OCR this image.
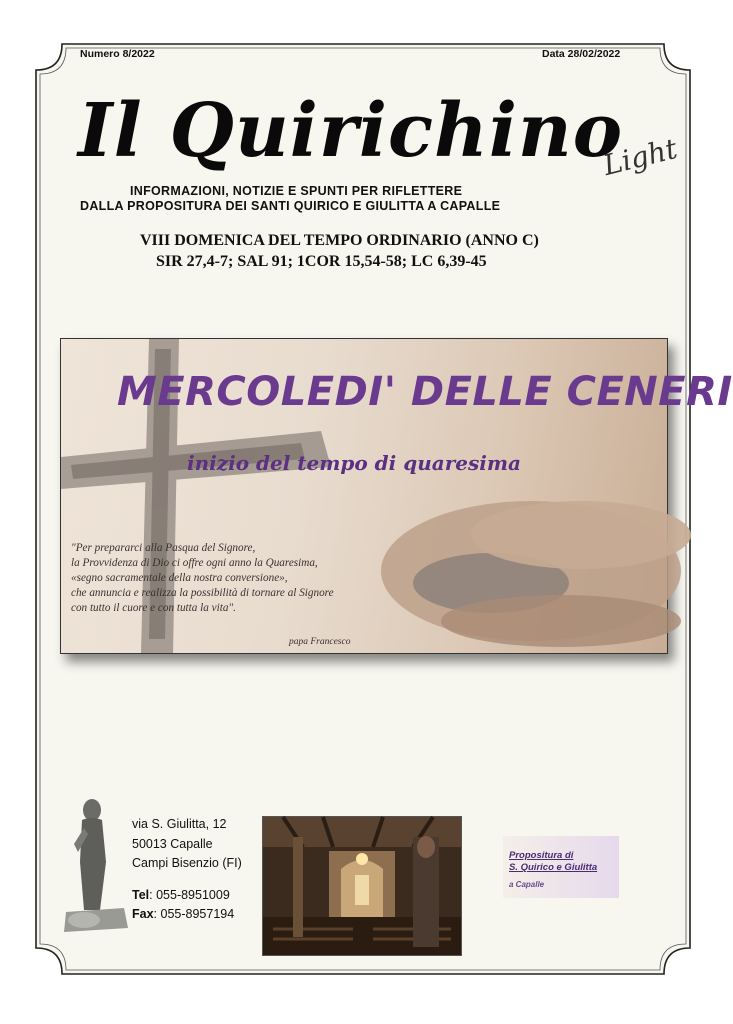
Numero 8/2022	Data 28/02/2022
Il Quirichino
Light
INFORMAZIONI, NOTIZIE E SPUNTI PER RIFLETTERE
DALLA PROPOSITURA DEI SANTI QUIRICO E GIULITTA A CAPALLE
VIII DOMENICA DEL TEMPO ORDINARIO (ANNO C)
SIR 27,4-7; SAL 91; 1COR 15,54-58; LC 6,39-45
MERCOLEDI' DELLE CENERI
inizio del tempo di quaresima
"Per prepararci alla Pasqua del Signore,
la Provvidenza di Dio ci offre ogni anno la Quaresima,
«segno sacramentale della nostra conversione»,
che annuncia e realizza la possibilità di tornare al Signore
con tutto il cuore e con tutta la vita".
papa Francesco
via S. Giulitta, 12
50013 Capalle
Campi Bisenzio (FI)
Tel: 055-8951009
Fax: 055-8957194
Propositura di
S. Quirico e Giulitta
a Capalle
